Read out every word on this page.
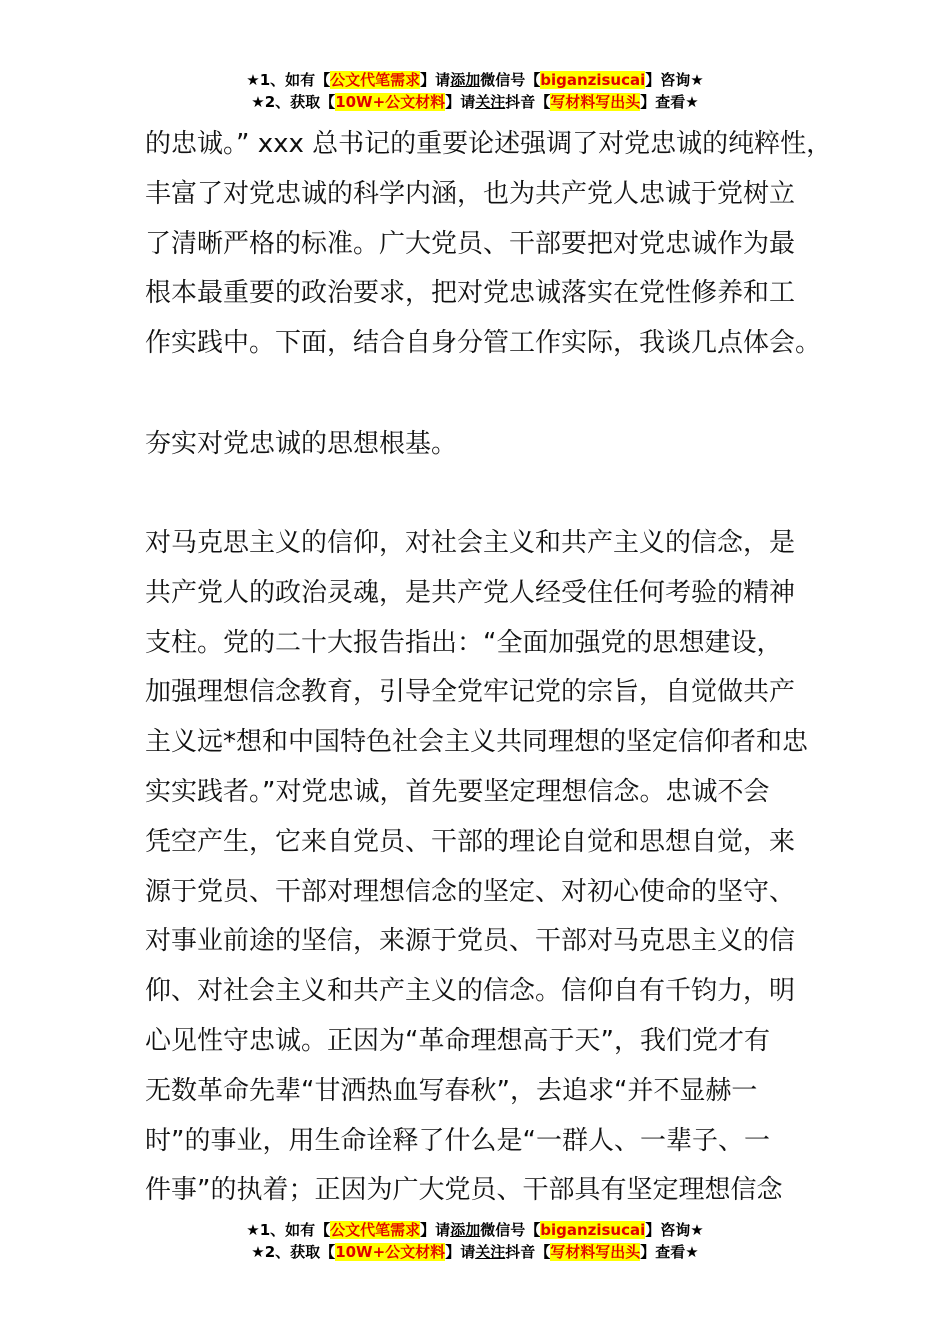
★1、如有【公文代笔需求】请添加微信号【biganzisucai】咨询★
★2、获取【10W+公文材料】请关注抖音【写材料写出头】查看★
的忠诚。” xxx 总书记的重要论述强调了对党忠诚的纯粹性，
丰富了对党忠诚的科学内涵，也为共产党人忠诚于党树立
了清晰严格的标准。广大党员、干部要把对党忠诚作为最
根本最重要的政治要求，把对党忠诚落实在党性修养和工
作实践中。下面，结合自身分管工作实际，我谈几点体会。
夯实对党忠诚的思想根基。
对马克思主义的信仰，对社会主义和共产主义的信念，是
共产党人的政治灵魂，是共产党人经受住任何考验的精神
支柱。党的二十大报告指出：“全面加强党的思想建设，
加强理想信念教育，引导全党牢记党的宗旨，自觉做共产
主义远*想和中国特色社会主义共同理想的坚定信仰者和忠
实实践者。”对党忠诚，首先要坚定理想信念。忠诚不会
凭空产生，它来自党员、干部的理论自觉和思想自觉，来
源于党员、干部对理想信念的坚定、对初心使命的坚守、
对事业前途的坚信，来源于党员、干部对马克思主义的信
仰、对社会主义和共产主义的信念。信仰自有千钧力，明
心见性守忠诚。正因为“革命理想高于天”，我们党才有
无数革命先辈“甘洒热血写春秋”，去追求“并不显赫一
时”的事业，用生命诠释了什么是“一群人、一辈子、一
件事”的执着；正因为广大党员、干部具有坚定理想信念
★1、如有【公文代笔需求】请添加微信号【biganzisucai】咨询★
★2、获取【10W+公文材料】请关注抖音【写材料写出头】查看★
